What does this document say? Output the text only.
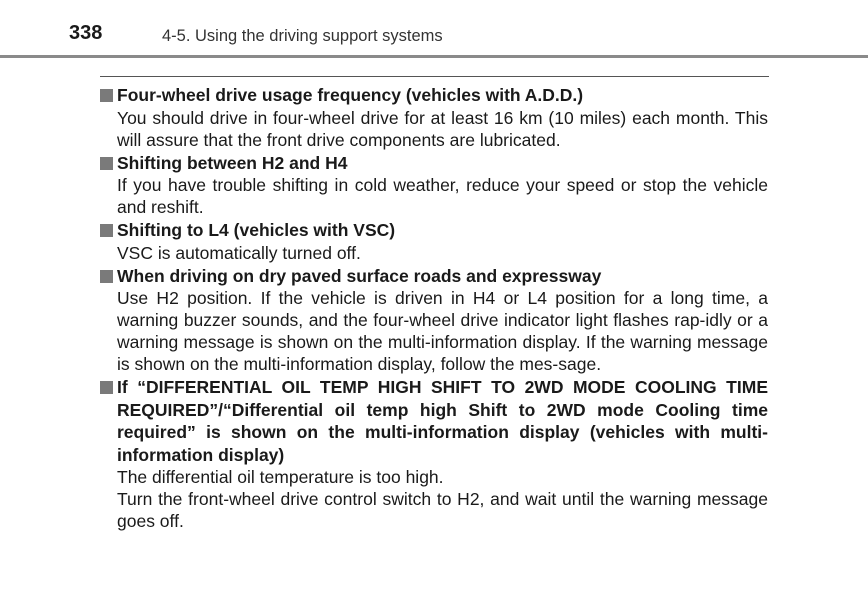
338	4-5. Using the driving support systems
Four-wheel drive usage frequency (vehicles with A.D.D.)

You should drive in four-wheel drive for at least 16 km (10 miles) each month. This will assure that the front drive components are lubricated.

Shifting between H2 and H4

If you have trouble shifting in cold weather, reduce your speed or stop the vehicle and reshift.

Shifting to L4 (vehicles with VSC)

VSC is automatically turned off.

When driving on dry paved surface roads and expressway

Use H2 position. If the vehicle is driven in H4 or L4 position for a long time, a warning buzzer sounds, and the four-wheel drive indicator light flashes rap-idly or a warning message is shown on the multi-information display. If the warning message is shown on the multi-information display, follow the mes-sage.

If “DIFFERENTIAL OIL TEMP HIGH SHIFT TO 2WD MODE COOLING TIME REQUIRED”/“Differential oil temp high Shift to 2WD mode Cooling time required” is shown on the multi-information display (vehicles with multi-information display)

The differential oil temperature is too high.

Turn the front-wheel drive control switch to H2, and wait until the warning message goes off.
